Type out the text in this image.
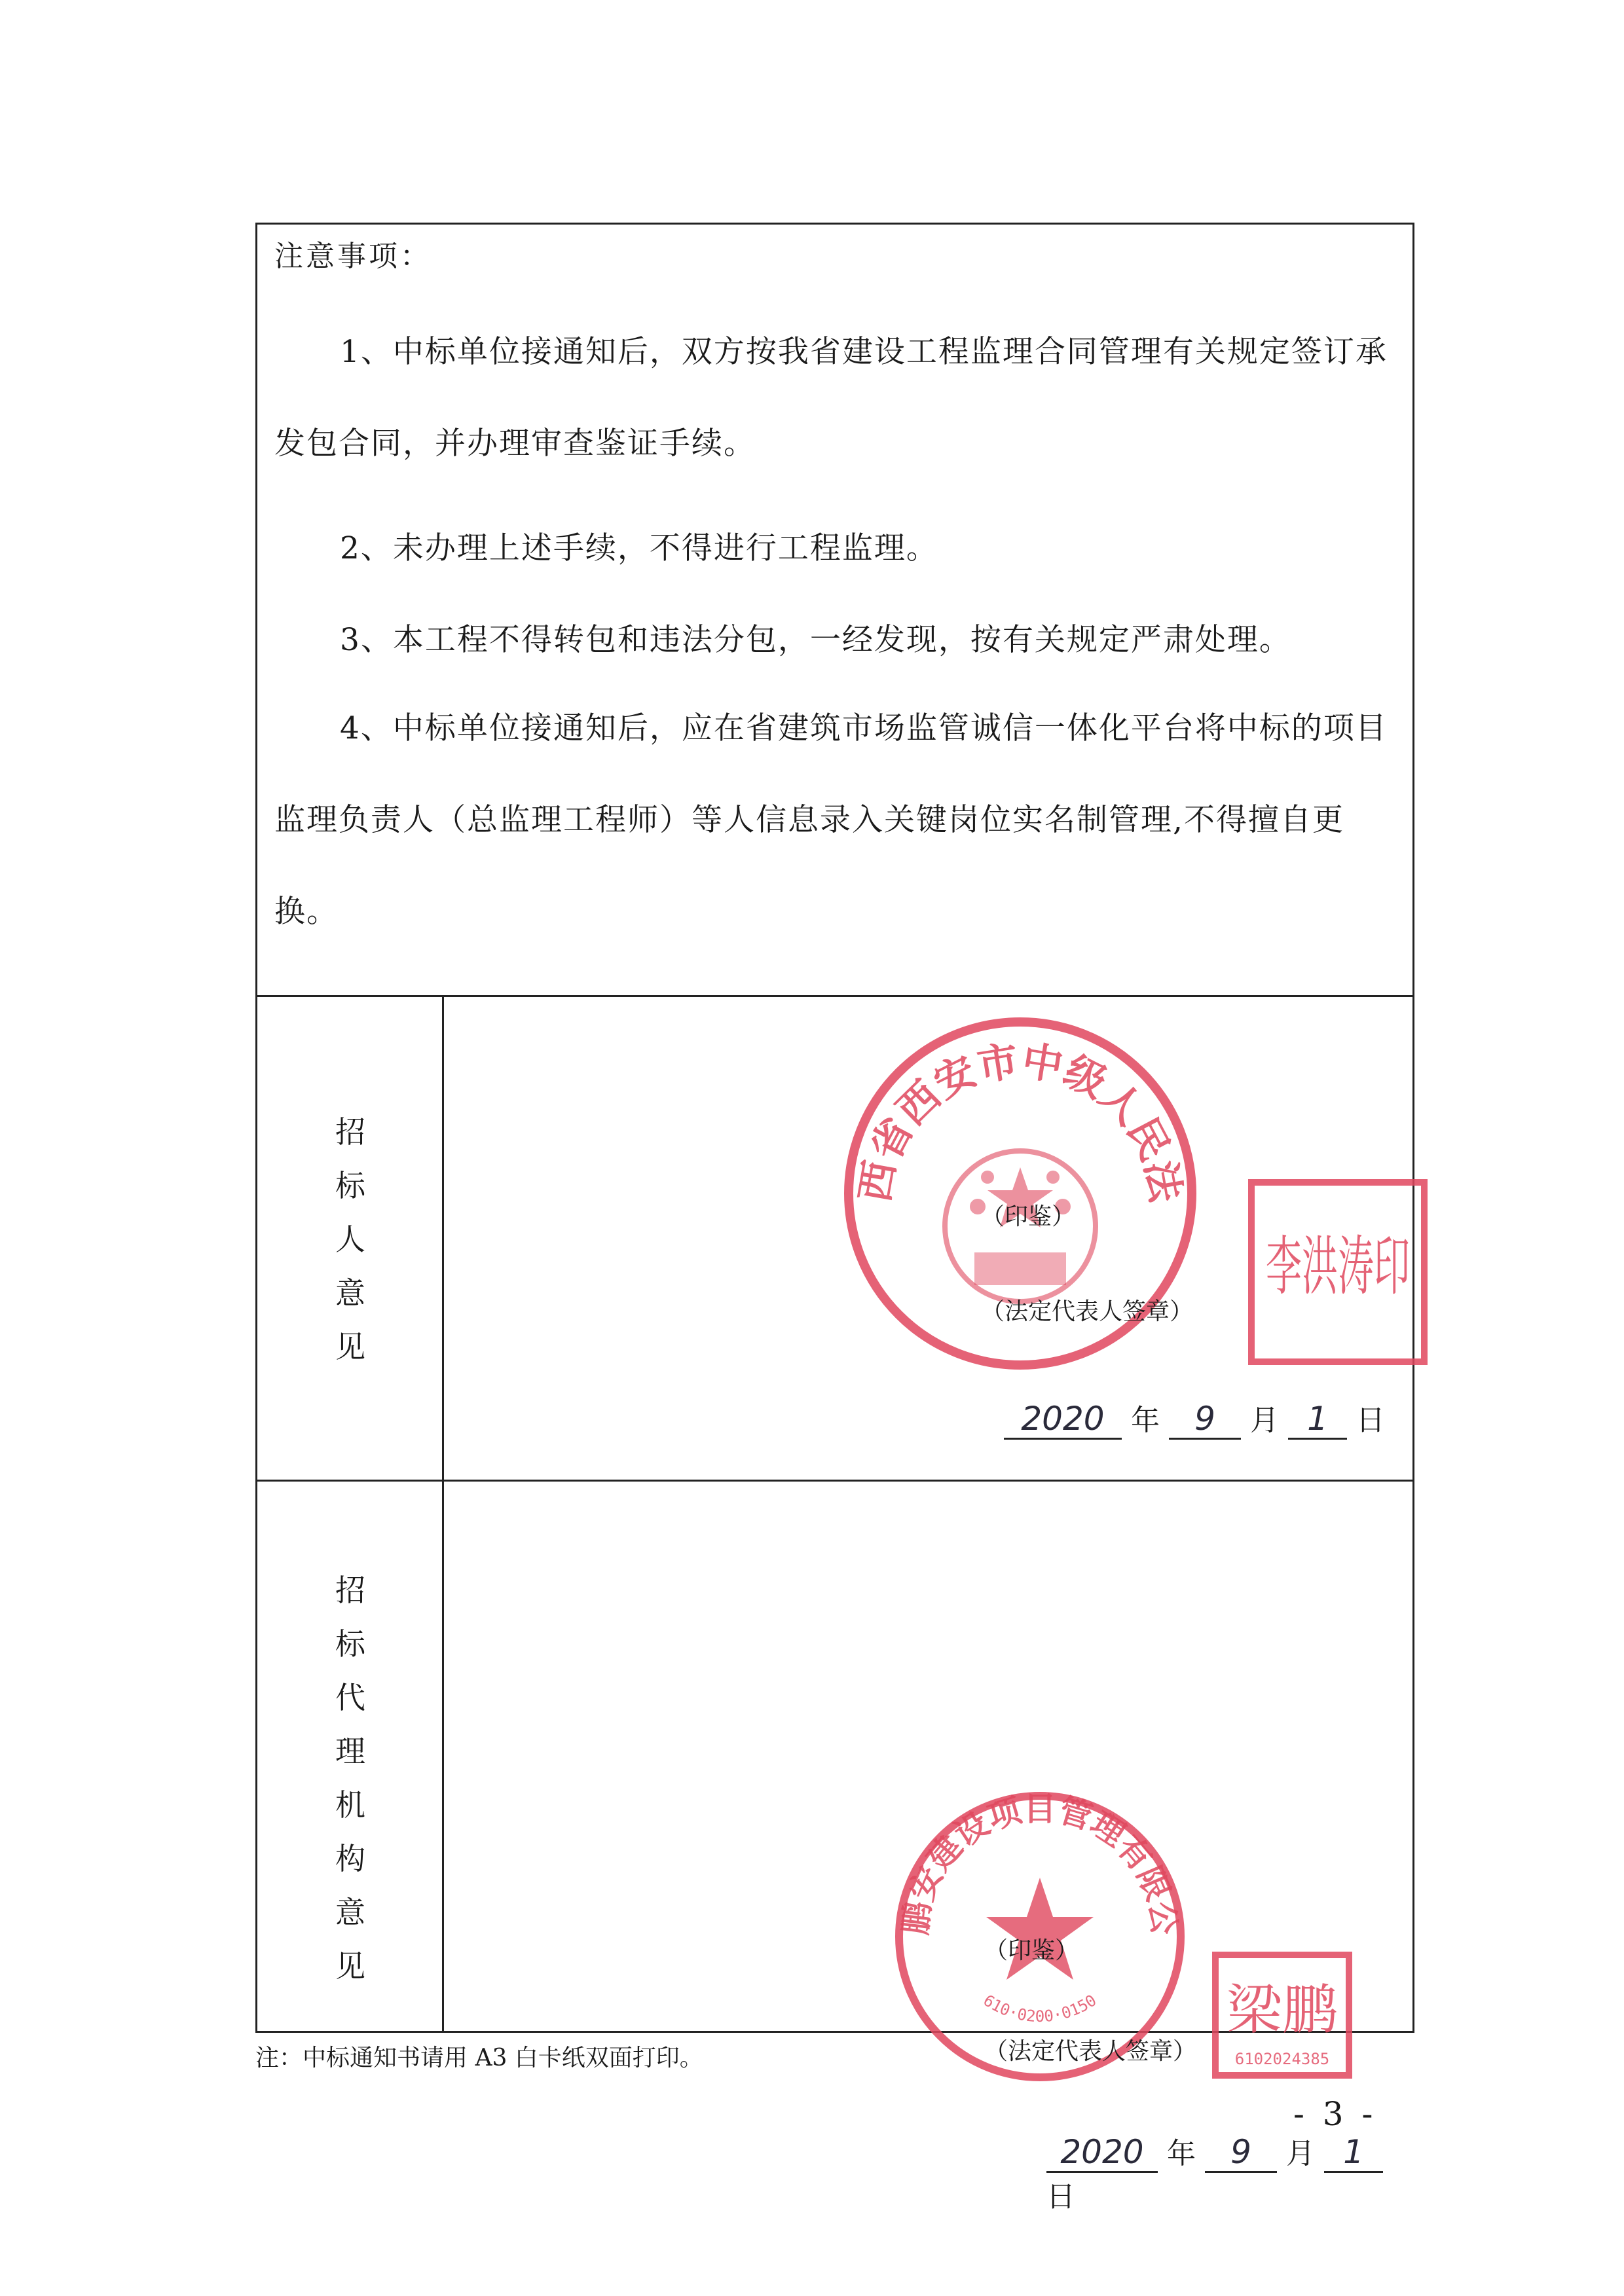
注意事项：
1、中标单位接通知后，双方按我省建设工程监理合同管理有关规定签订承发包合同，并办理审查鉴证手续。
2、未办理上述手续，不得进行工程监理。
3、本工程不得转包和违法分包，一经发现，按有关规定严肃处理。
4、中标单位接通知后，应在省建筑市场监管诚信一体化平台将中标的项目监理负责人（总监理工程师）等人信息录入关键岗位实名制管理,不得擅自更换。
招标人意见
陕西省西安市中级人民法院
李洪涛印
（印鉴）
（法定代表人签章）
2020 年 9 月 1 日
招标代理机构意见
大鹏安建设项目管理有限公司
610·0200·0150 梁鹏
6102024385
（印鉴）
（法定代表人签章）
2020 年 9 月 1 日
注：中标通知书请用 A3 白卡纸双面打印。
- 3 -
